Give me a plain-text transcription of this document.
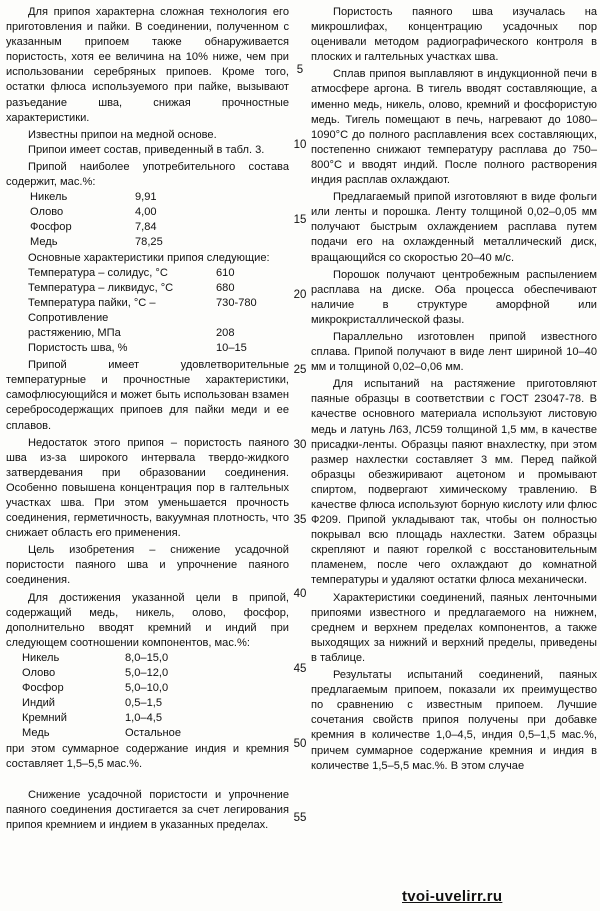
Для припоя характерна сложная технология его приготовления и пайки. В соединении, полученном с указанным припоем также обнаруживается пористость, хотя ее величина на 10% ниже, чем при использовании серебряных припоев. Кроме того, остатки флюса используемого при пайке, вызывают разъедание шва, снижая прочностные характеристики.

Известны припои на медной основе.

Припои имеет состав, приведенный в табл. 3.

Припой наиболее употребительного состава содержит, мас.%:

Никель	9,91
Олово	4,00
Фосфор	7,84
Медь	78,25

Основные характеристики припоя следующие:

Температура – солидус, °C	610
Температура – ликвидус, °C	680
Температура пайки, °C –	730-780
Сопротивление	
растяжению, МПа	208
Пористость шва, %	10–15

Припой имеет удовлетворительные температурные и прочностные характеристики, самофлюсующийся и может быть использован взамен серебросодержащих припоев для пайки меди и ее сплавов.

Недостаток этого припоя – пористость паяного шва из-за широкого интервала твердо-жидкого затвердевания при образовании соединения. Особенно повышена концентрация пор в галтельных участках шва. При этом уменьшается прочность соединения, герметичность, вакуумная плотность, что снижает область его применения.

Цель изобретения – снижение усадочной пористости паяного шва и упрочнение паяного соединения.

Для достижения указанной цели в припой, содержащий медь, никель, олово, фосфор, дополнительно вводят кремний и индий при следующем соотношении компонентов, мас.%:

Никель	8,0–15,0
Олово	5,0–12,0
Фосфор	5,0–10,0
Индий	0,5–1,5
Кремний	1,0–4,5
Медь	Остальное

при этом суммарное содержание индия и кремния составляет 1,5–5,5 мас.%.

Снижение усадочной пористости и упрочнение паяного соединения достигается за счет легирования припоя кремнием и индием в указанных пределах.

5
10
15
20
25
30
35
40
45
50
55

Пористость паяного шва изучалась на микрошлифах, концентрацию усадочных пор оценивали методом радиографического контроля в плоских и галтельных участках шва.

Сплав припоя выплавляют в индукционной печи в атмосфере аргона. В тигель вводят составляющие, а именно медь, никель, олово, кремний и фосфористую медь. Тигель помещают в печь, нагревают до 1080–1090°C до полного расплавления всех составляющих, постепенно снижают температуру расплава до 750–800°C и вводят индий. После полного растворения индия расплав охлаждают.

Предлагаемый припой изготовляют в виде фольги или ленты и порошка. Ленту толщиной 0,02–0,05 мм получают быстрым охлаждением расплава путем подачи его на охлажденный металлический диск, вращающийся со скоростью 20–40 м/с.

Порошок получают центробежным распылением расплава на диске. Оба процесса обеспечивают наличие в структуре аморфной или микрокристаллической фазы.

Параллельно изготовлен припой известного сплава. Припой получают в виде лент шириной 10–40 мм и толщиной 0,02–0,06 мм.

Для испытаний на растяжение приготовляют паяные образцы в соответствии с ГОСТ 23047-78. В качестве основного материала используют листовую медь и латунь Л63, ЛС59 толщиной 1,5 мм, в качестве присадки-ленты. Образцы паяют внахлестку, при этом размер нахлестки составляет 3 мм. Перед пайкой образцы обезжиривают ацетоном и промывают спиртом, подвергают химическому травлению. В качестве флюса используют борную кислоту или флюс Ф209. Припой укладывают так, чтобы он полностью покрывал всю площадь нахлестки. Затем образцы скрепляют и паяют горелкой с восстановительным пламенем, после чего охлаждают до комнатной температуры и удаляют остатки флюса механически.

Характеристики соединений, паяных ленточными припоями известного и предлагаемого на нижнем, среднем и верхнем пределах компонентов, а также выходящих за нижний и верхний пределы, приведены в таблице.

Результаты испытаний соединений, паяных предлагаемым припоем, показали их преимущество по сравнению с известным припоем. Лучшие сочетания свойств припоя получены при добавке кремния в количестве 1,0–4,5, индия 0,5–1,5 мас.%, причем суммарное содержание кремния и индия в количестве 1,5–5,5 мас.%. В этом случае

tvoi-uvelirr.ru
